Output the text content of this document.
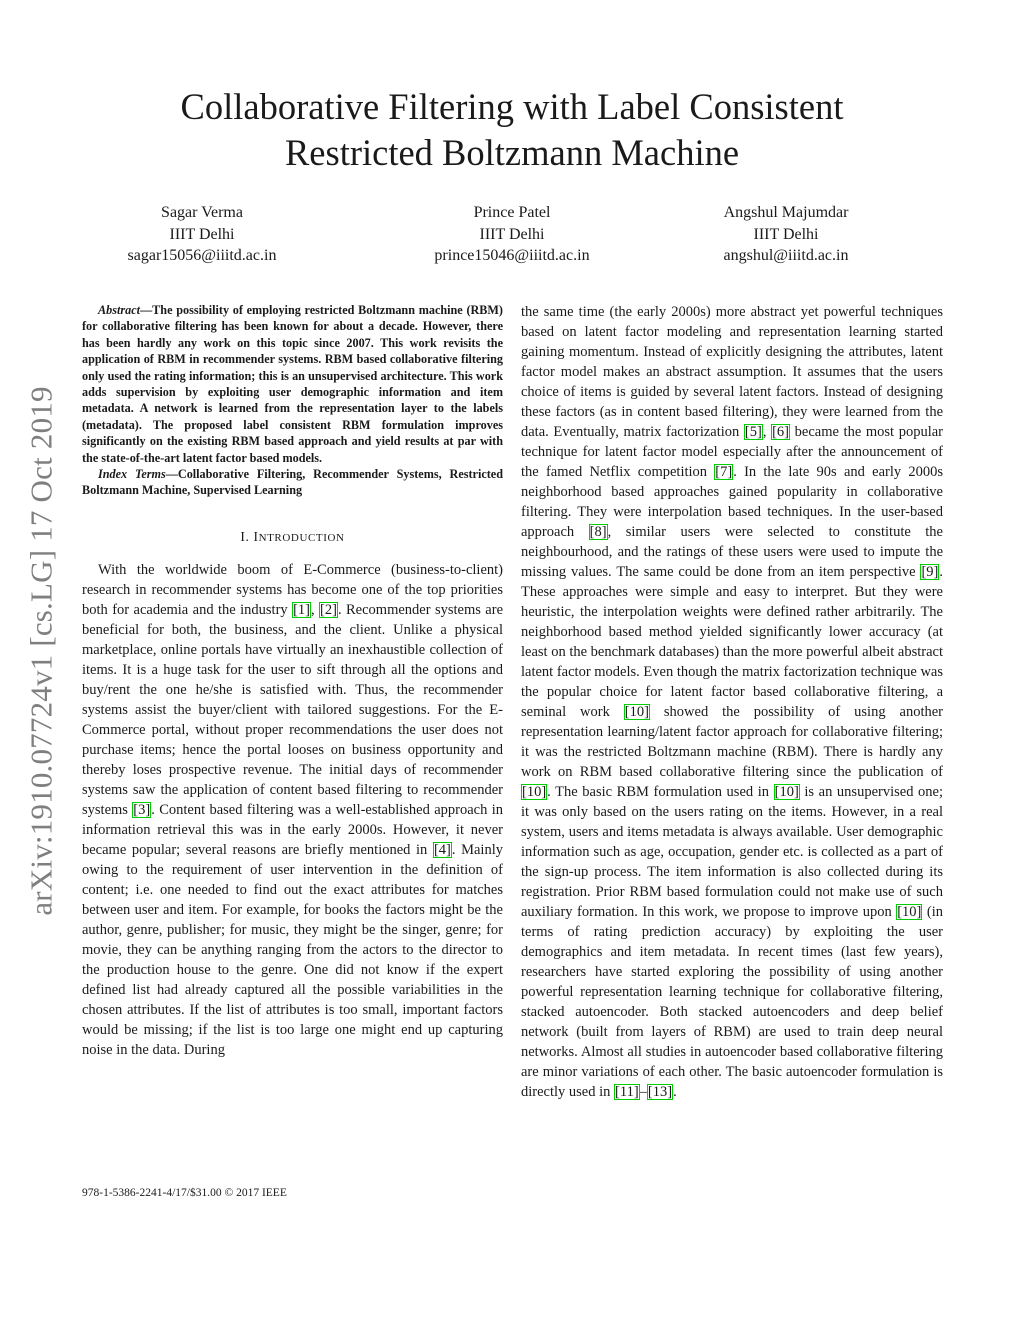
arXiv:1910.07724v1 [cs.LG] 17 Oct 2019
Collaborative Filtering with Label Consistent
Restricted Boltzmann Machine
Sagar Verma
IIIT Delhi
sagar15056@iiitd.ac.in
Prince Patel
IIIT Delhi
prince15046@iiitd.ac.in
Angshul Majumdar
IIIT Delhi
angshul@iiitd.ac.in

Abstract—The possibility of employing restricted Boltzmann machine (RBM) for collaborative filtering has been known for about a decade. However, there has been hardly any work on this topic since 2007. This work revisits the application of RBM in recommender systems. RBM based collaborative filtering only used the rating information; this is an unsupervised architecture. This work adds supervision by exploiting user demographic information and item metadata. A network is learned from the representation layer to the labels (metadata). The proposed label consistent RBM formulation improves significantly on the existing RBM based approach and yield results at par with the state-of-the-art latent factor based models.

Index Terms—Collaborative Filtering, Recommender Systems, Restricted Boltzmann Machine, Supervised Learning

I. INTRODUCTION

With the worldwide boom of E-Commerce (business-to-client) research in recommender systems has become one of the top priorities both for academia and the industry [1], [2]. Recommender systems are beneficial for both, the business, and the client. Unlike a physical marketplace, online portals have virtually an inexhaustible collection of items. It is a huge task for the user to sift through all the options and buy/rent the one he/she is satisfied with. Thus, the recommender systems assist the buyer/client with tailored suggestions. For the E-Commerce portal, without proper recommendations the user does not purchase items; hence the portal looses on business opportunity and thereby loses prospective revenue. The initial days of recommender systems saw the application of content based filtering to recommender systems [3]. Content based filtering was a well-established approach in information retrieval this was in the early 2000s. However, it never became popular; several reasons are briefly mentioned in [4]. Mainly owing to the requirement of user intervention in the definition of content; i.e. one needed to find out the exact attributes for matches between user and item. For example, for books the factors might be the author, genre, publisher; for music, they might be the singer, genre; for movie, they can be anything ranging from the actors to the director to the production house to the genre. One did not know if the expert defined list had already captured all the possible variabilities in the chosen attributes. If the list of attributes is too small, important factors would be missing; if the list is too large one might end up capturing noise in the data. During

the same time (the early 2000s) more abstract yet powerful techniques based on latent factor modeling and representation learning started gaining momentum. Instead of explicitly designing the attributes, latent factor model makes an abstract assumption. It assumes that the users choice of items is guided by several latent factors. Instead of designing these factors (as in content based filtering), they were learned from the data. Eventually, matrix factorization [5], [6] became the most popular technique for latent factor model especially after the announcement of the famed Netflix competition [7]. In the late 90s and early 2000s neighborhood based approaches gained popularity in collaborative filtering. They were interpolation based techniques. In the user-based approach [8], similar users were selected to constitute the neighbourhood, and the ratings of these users were used to impute the missing values. The same could be done from an item perspective [9]. These approaches were simple and easy to interpret. But they were heuristic, the interpolation weights were defined rather arbitrarily. The neighborhood based method yielded significantly lower accuracy (at least on the benchmark databases) than the more powerful albeit abstract latent factor models. Even though the matrix factorization technique was the popular choice for latent factor based collaborative filtering, a seminal work [10] showed the possibility of using another representation learning/latent factor approach for collaborative filtering; it was the restricted Boltzmann machine (RBM). There is hardly any work on RBM based collaborative filtering since the publication of [10]. The basic RBM formulation used in [10] is an unsupervised one; it was only based on the users rating on the items. However, in a real system, users and items metadata is always available. User demographic information such as age, occupation, gender etc. is collected as a part of the sign-up process. The item information is also collected during its registration. Prior RBM based formulation could not make use of such auxiliary formation. In this work, we propose to improve upon [10] (in terms of rating prediction accuracy) by exploiting the user demographics and item metadata. In recent times (last few years), researchers have started exploring the possibility of using another powerful representation learning technique for collaborative filtering, stacked autoencoder. Both stacked autoencoders and deep belief network (built from layers of RBM) are used to train deep neural networks. Almost all studies in autoencoder based collaborative filtering are minor variations of each other. The basic autoencoder formulation is directly used in [11]–[13].

978-1-5386-2241-4/17/$31.00 © 2017 IEEE
